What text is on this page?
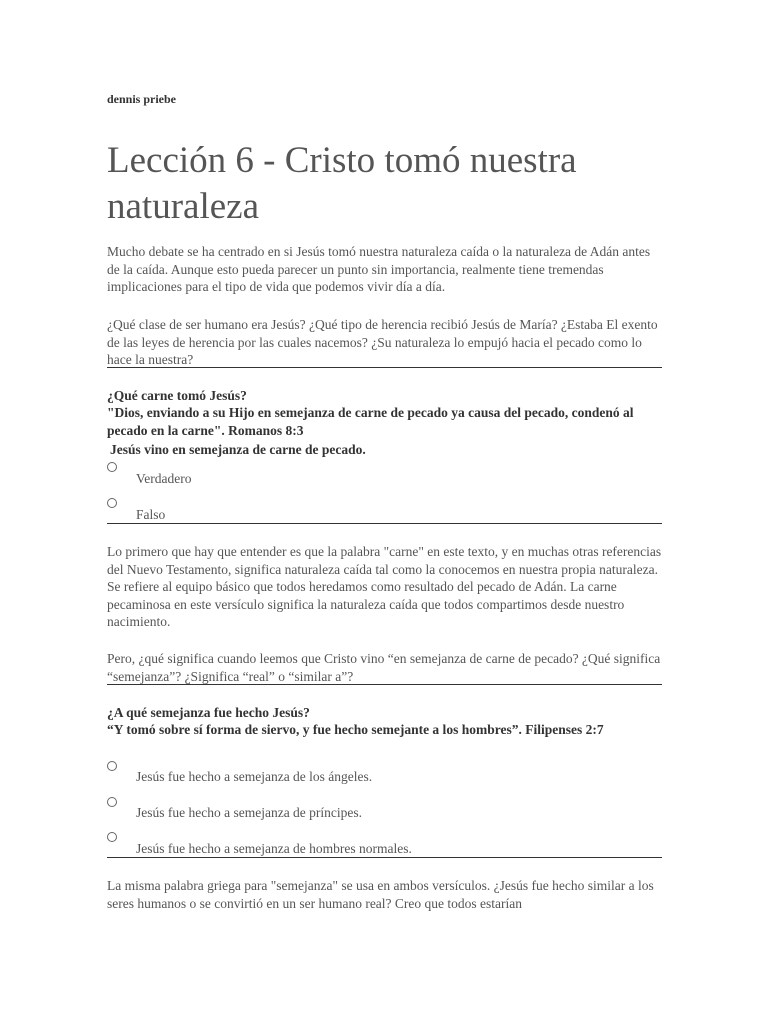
dennis priebe
Lección 6 - Cristo tomó nuestra naturaleza

Mucho debate se ha centrado en si Jesús tomó nuestra naturaleza caída o la naturaleza de Adán antes de la caída. Aunque esto pueda parecer un punto sin importancia, realmente tiene tremendas implicaciones para el tipo de vida que podemos vivir día a día.

¿Qué clase de ser humano era Jesús? ¿Qué tipo de herencia recibió Jesús de María? ¿Estaba El exento de las leyes de herencia por las cuales nacemos? ¿Su naturaleza lo empujó hacia el pecado como lo hace la nuestra?

¿Qué carne tomó Jesús?

"Dios, enviando a su Hijo en semejanza de carne de pecado ya causa del pecado, condenó al pecado en la carne". Romanos 8:3

Jesús vino en semejanza de carne de pecado.

Verdadero
Falso

Lo primero que hay que entender es que la palabra "carne" en este texto, y en muchas otras referencias del Nuevo Testamento, significa naturaleza caída tal como la conocemos en nuestra propia naturaleza. Se refiere al equipo básico que todos heredamos como resultado del pecado de Adán. La carne pecaminosa en este versículo significa la naturaleza caída que todos compartimos desde nuestro nacimiento.

Pero, ¿qué significa cuando leemos que Cristo vino “en semejanza de carne de pecado? ¿Qué significa “semejanza”? ¿Significa “real” o “similar a”?

¿A qué semejanza fue hecho Jesús?

“Y tomó sobre sí forma de siervo, y fue hecho semejante a los hombres”. Filipenses 2:7

Jesús fue hecho a semejanza de los ángeles.
Jesús fue hecho a semejanza de príncipes.
Jesús fue hecho a semejanza de hombres normales.

La misma palabra griega para "semejanza" se usa en ambos versículos. ¿Jesús fue hecho similar a los seres humanos o se convirtió en un ser humano real? Creo que todos estarían
